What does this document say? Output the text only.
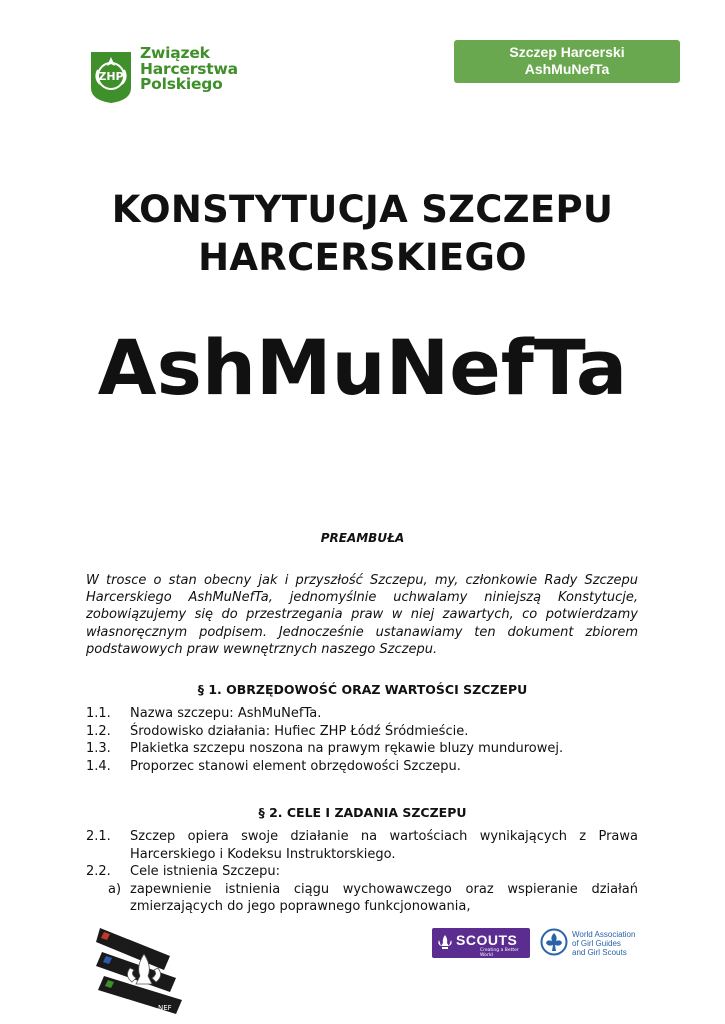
ZHP
Związek
Harcerstwa
Polskiego
Szczep Harcerski
AshMuNefTa
KONSTYTUCJA SZCZEPU
HARCERSKIEGO
AshMuNefTa
PREAMBUŁA
W trosce o stan obecny jak i przyszłość Szczepu, my, członkowie Rady Szczepu Harcerskiego AshMuNefTa, jednomyślnie uchwalamy niniejszą Konstytucje, zobowiązujemy się do przestrzegania praw w niej zawartych, co potwierdzamy własnoręcznym podpisem. Jednocześnie ustanawiamy ten dokument zbiorem podstawowych praw wewnętrznych naszego Szczepu.
§ 1. OBRZĘDOWOŚĆ ORAZ WARTOŚCI SZCZEPU
1.1. Nazwa szczepu: AshMuNefTa.
1.2. Środowisko działania: Hufiec ZHP Łódź Śródmieście.
1.3. Plakietka szczepu noszona na prawym rękawie bluzy mundurowej.
1.4. Proporzec stanowi element obrzędowości Szczepu.
§ 2. CELE I ZADANIA SZCZEPU
2.1. Szczep opiera swoje działanie na wartościach wynikających z Prawa Harcerskiego i Kodeksu Instruktorskiego.
2.2. Cele istnienia Szczepu:
a) zapewnienie istnienia ciągu wychowawczego oraz wspieranie działań zmierzających do jego poprawnego funkcjonowania,
NEF
SCOUTS
Creating a Better World
World Association
of Girl Guides
and Girl Scouts
